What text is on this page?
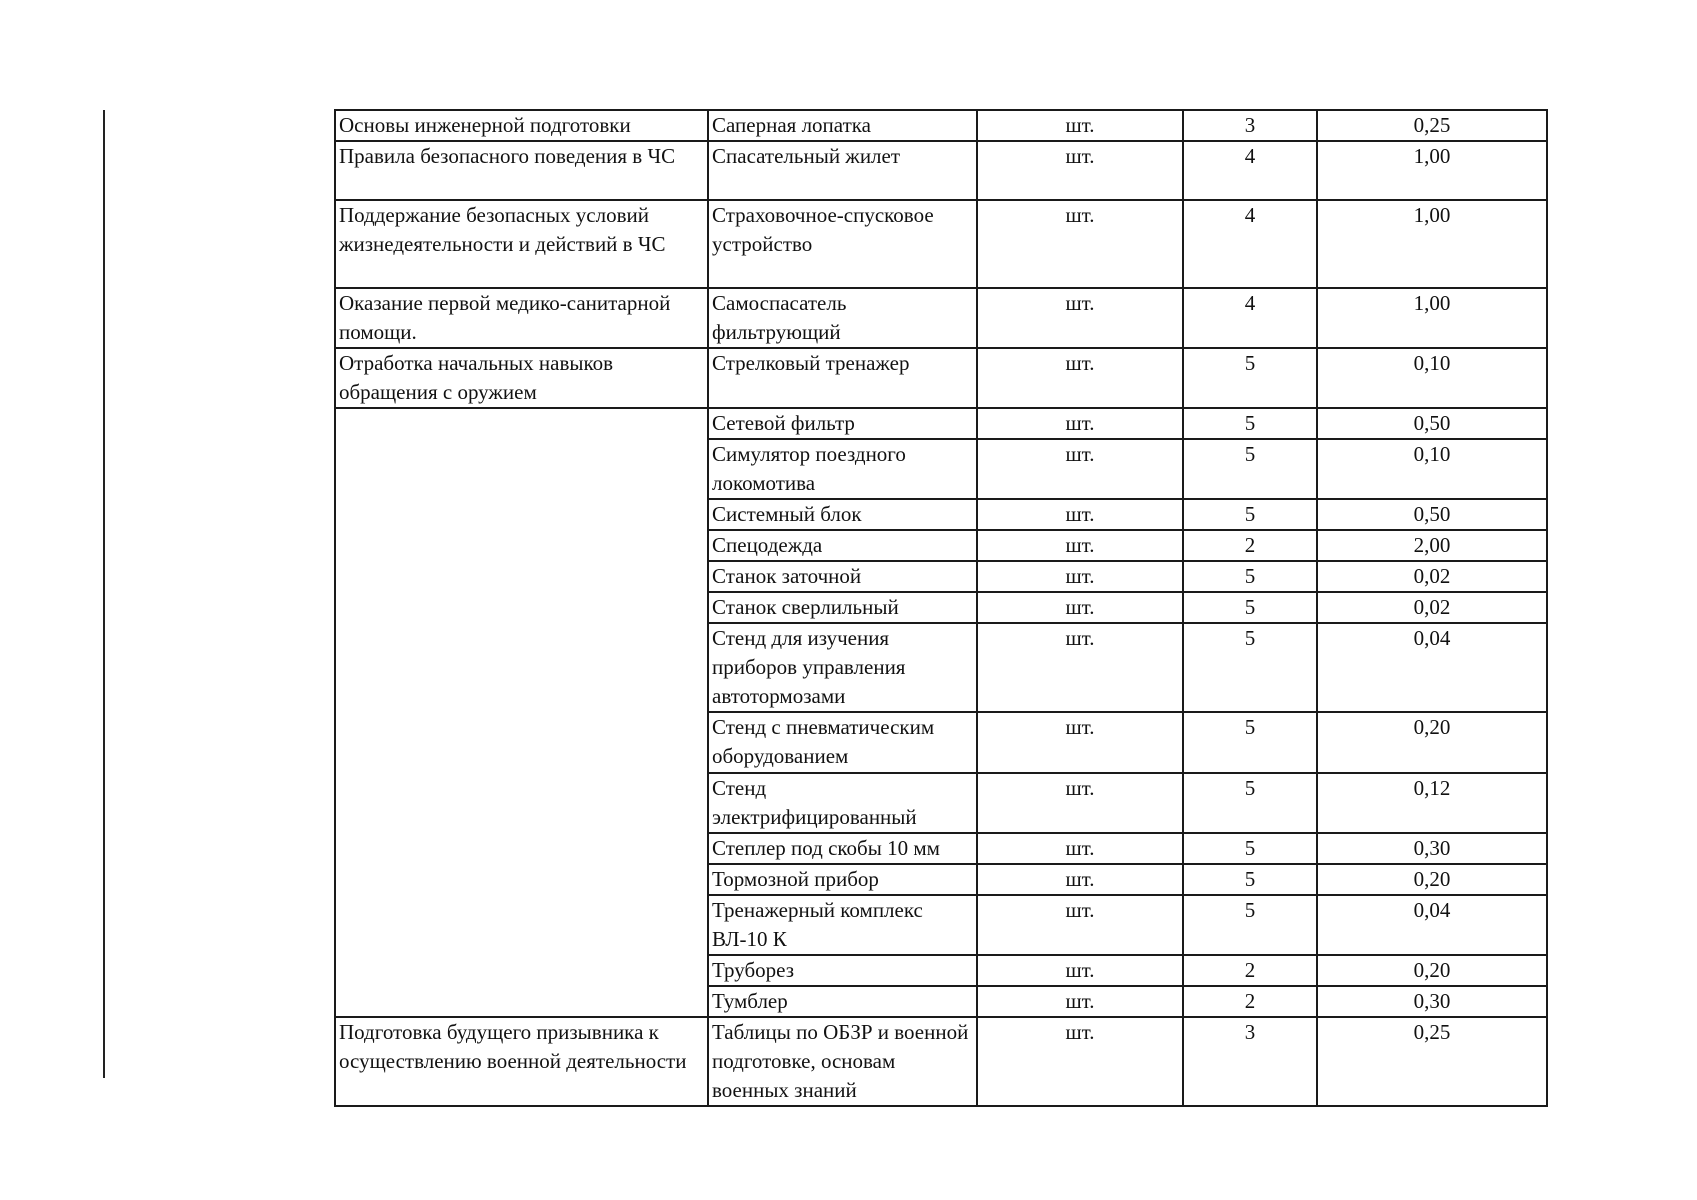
Основы инженерной подготовки	Саперная лопатка	шт.	3	0,25
Правила безопасного поведения в ЧС	Спасательный жилет	шт.	4	1,00
Поддержание безопасных условий жизнедеятельности и действий в ЧС	Страховочное-спусковое устройство	шт.	4	1,00
Оказание первой медико-санитарной помощи.	Самоспасатель фильтрующий	шт.	4	1,00
Отработка начальных навыков обращения с оружием	Стрелковый тренажер	шт.	5	0,10
	Сетевой фильтр	шт.	5	0,50
	Симулятор поездного локомотива	шт.	5	0,10
	Системный блок	шт.	5	0,50
	Спецодежда	шт.	2	2,00
	Станок заточной	шт.	5	0,02
	Станок сверлильный	шт.	5	0,02
	Стенд для изучения приборов управления автотормозами	шт.	5	0,04
	Стенд с пневматическим оборудованием	шт.	5	0,20
	Стенд электрифицированный	шт.	5	0,12
	Степлер под скобы 10 мм	шт.	5	0,30
	Тормозной прибор	шт.	5	0,20
	Тренажерный комплекс ВЛ-10 К	шт.	5	0,04
	Труборез	шт.	2	0,20
	Тумблер	шт.	2	0,30
Подготовка будущего призывника к осуществлению военной деятельности	Таблицы по ОБЗР и военной подготовке, основам военных знаний	шт.	3	0,25
